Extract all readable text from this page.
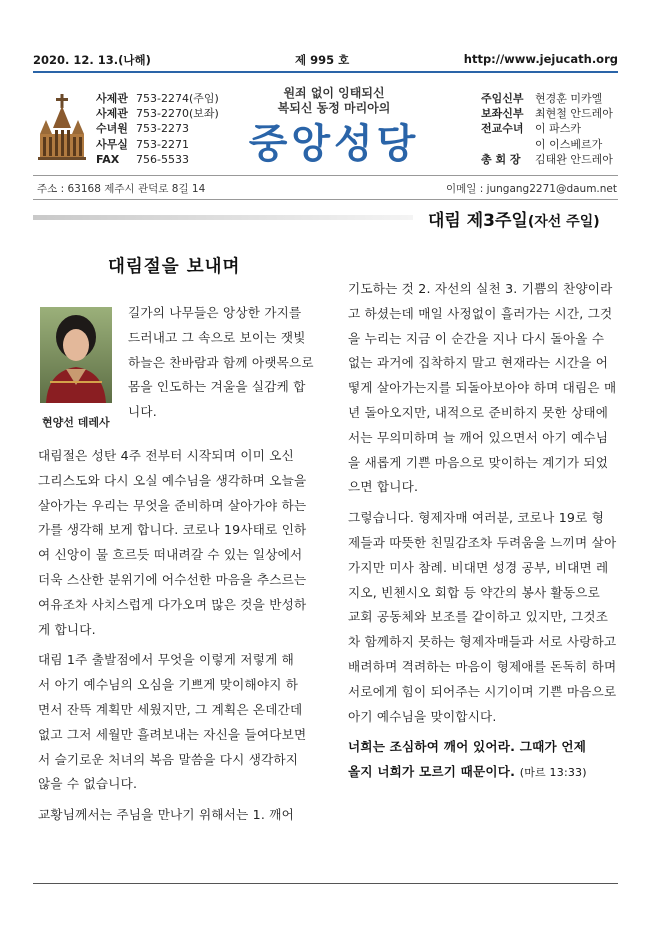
2020. 12. 13.(나해)	제 995 호	http://www.jejucath.org
사제관 753-2274(주임)
사제관 753-2270(보좌)
수녀원 753-2273
사무실 753-2271
FAX 756-5533
원죄 없이 잉태되신
복되신 동정 마리아의
중앙성당
주임신부 현경훈 미카엘
보좌신부 최현철 안드레아
전교수녀 이 파스카
이 이스베르가
총 회 장 김태완 안드레아
주소 : 63168 제주시 관덕로 8길 14	이메일 : jungang2271@daum.net
대림 제3주일(자선 주일)
대림절을 보내며
현양선 데레사
길가의 나무들은 앙상한 가지를
드러내고 그 속으로 보이는 잿빛
하늘은 찬바람과 함께 아랫목으로
몸을 인도하는 겨울을 실감케 합
니다.

대림절은 성탄 4주 전부터 시작되며 이미 오신
그리스도와 다시 오실 예수님을 생각하며 오늘을
살아가는 우리는 무엇을 준비하며 살아가야 하는
가를 생각해 보게 합니다. 코로나 19사태로 인하
여 신앙이 물 흐르듯 떠내려갈 수 있는 일상에서
더욱 스산한 분위기에 어수선한 마음을 추스르는
여유조차 사치스럽게 다가오며 많은 것을 반성하
게 합니다.

대림 1주 출발점에서 무엇을 이렇게 저렇게 해
서 아기 예수님의 오심을 기쁘게 맞이해야지 하
면서 잔뜩 계획만 세웠지만, 그 계획은 온데간데
없고 그저 세월만 흘려보내는 자신을 들여다보면
서 슬기로운 처녀의 복음 말씀을 다시 생각하지
않을 수 없습니다.

교황님께서는 주님을 만나기 위해서는 1. 깨어

기도하는 것 2. 자선의 실천 3. 기쁨의 찬양이라
고 하셨는데 매일 사정없이 흘러가는 시간, 그것
을 누리는 지금 이 순간을 지나 다시 돌아올 수
없는 과거에 집착하지 말고 현재라는 시간을 어
떻게 살아가는지를 되돌아보아야 하며 대림은 매
년 돌아오지만, 내적으로 준비하지 못한 상태에
서는 무의미하며 늘 깨어 있으면서 아기 예수님
을 새롭게 기쁜 마음으로 맞이하는 계기가 되었
으면 합니다.

그렇습니다. 형제자매 여러분, 코로나 19로 형
제들과 따뜻한 친밀감조차 두려움을 느끼며 살아
가지만 미사 참례. 비대면 성경 공부, 비대면 레
지오, 빈첸시오 회합 등 약간의 봉사 활동으로
교회 공동체와 보조를 같이하고 있지만, 그것조
차 함께하지 못하는 형제자매들과 서로 사랑하고
배려하며 격려하는 마음이 형제애를 돈독히 하며
서로에게 힘이 되어주는 시기이며 기쁜 마음으로
아기 예수님을 맞이합시다.

너희는 조심하여 깨어 있어라. 그때가 언제
올지 너희가 모르기 때문이다. (마르 13:33)
